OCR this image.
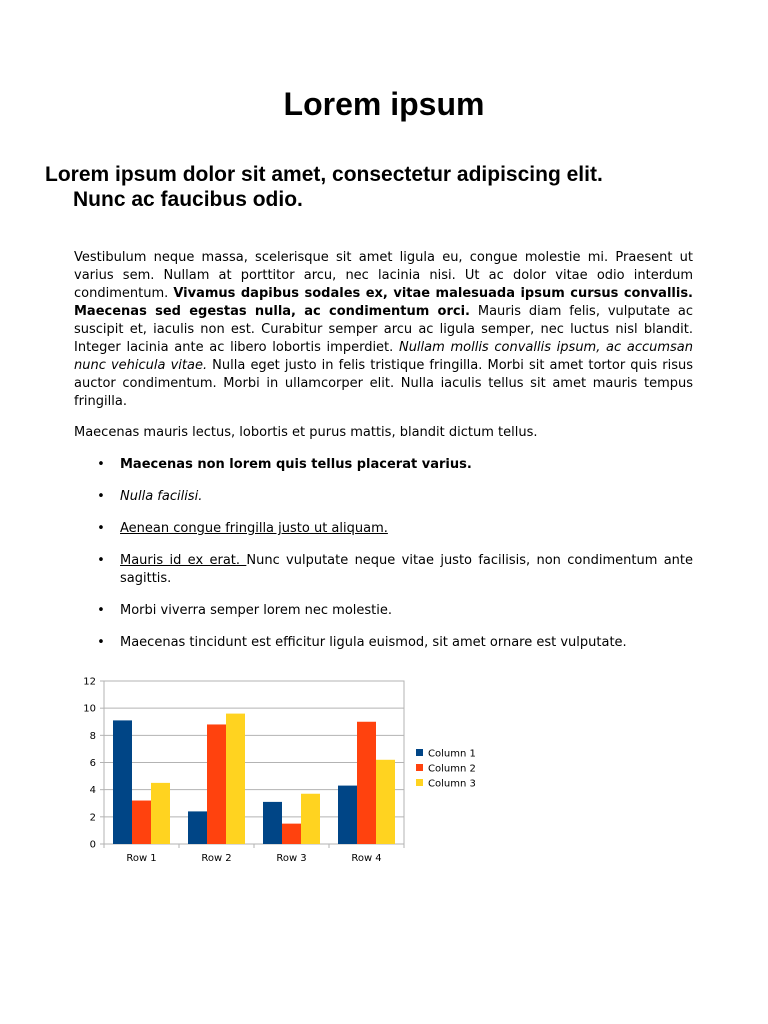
Lorem ipsum
Lorem ipsum dolor sit amet, consectetur adipiscing elit.
Nunc ac faucibus odio.

Vestibulum neque massa, scelerisque sit amet ligula eu, congue molestie mi. Praesent ut varius sem. Nullam at porttitor arcu, nec lacinia nisi. Ut ac dolor vitae odio interdum condimentum. Vivamus dapibus sodales ex, vitae malesuada ipsum cursus convallis. Maecenas sed egestas nulla, ac condimentum orci. Mauris diam felis, vulputate ac suscipit et, iaculis non est. Curabitur semper arcu ac ligula semper, nec luctus nisl blandit. Integer lacinia ante ac libero lobortis imperdiet. Nullam mollis convallis ipsum, ac accumsan nunc vehicula vitae. Nulla eget justo in felis tristique fringilla. Morbi sit amet tortor quis risus auctor condimentum. Morbi in ullamcorper elit. Nulla iaculis tellus sit amet mauris tempus fringilla.

Maecenas mauris lectus, lobortis et purus mattis, blandit dictum tellus.

• Maecenas non lorem quis tellus placerat varius.
• Nulla facilisi.
• Aenean congue fringilla justo ut aliquam.
• Mauris id ex erat. Nunc vulputate neque vitae justo facilisis, non condimentum ante sagittis.
• Morbi viverra semper lorem nec molestie.
• Maecenas tincidunt est efficitur ligula euismod, sit amet ornare est vulputate.
0
2
4
6
8
10
12
Row 1	Row 2	Row 3	Row 4
Column 1
Column 2
Column 3
